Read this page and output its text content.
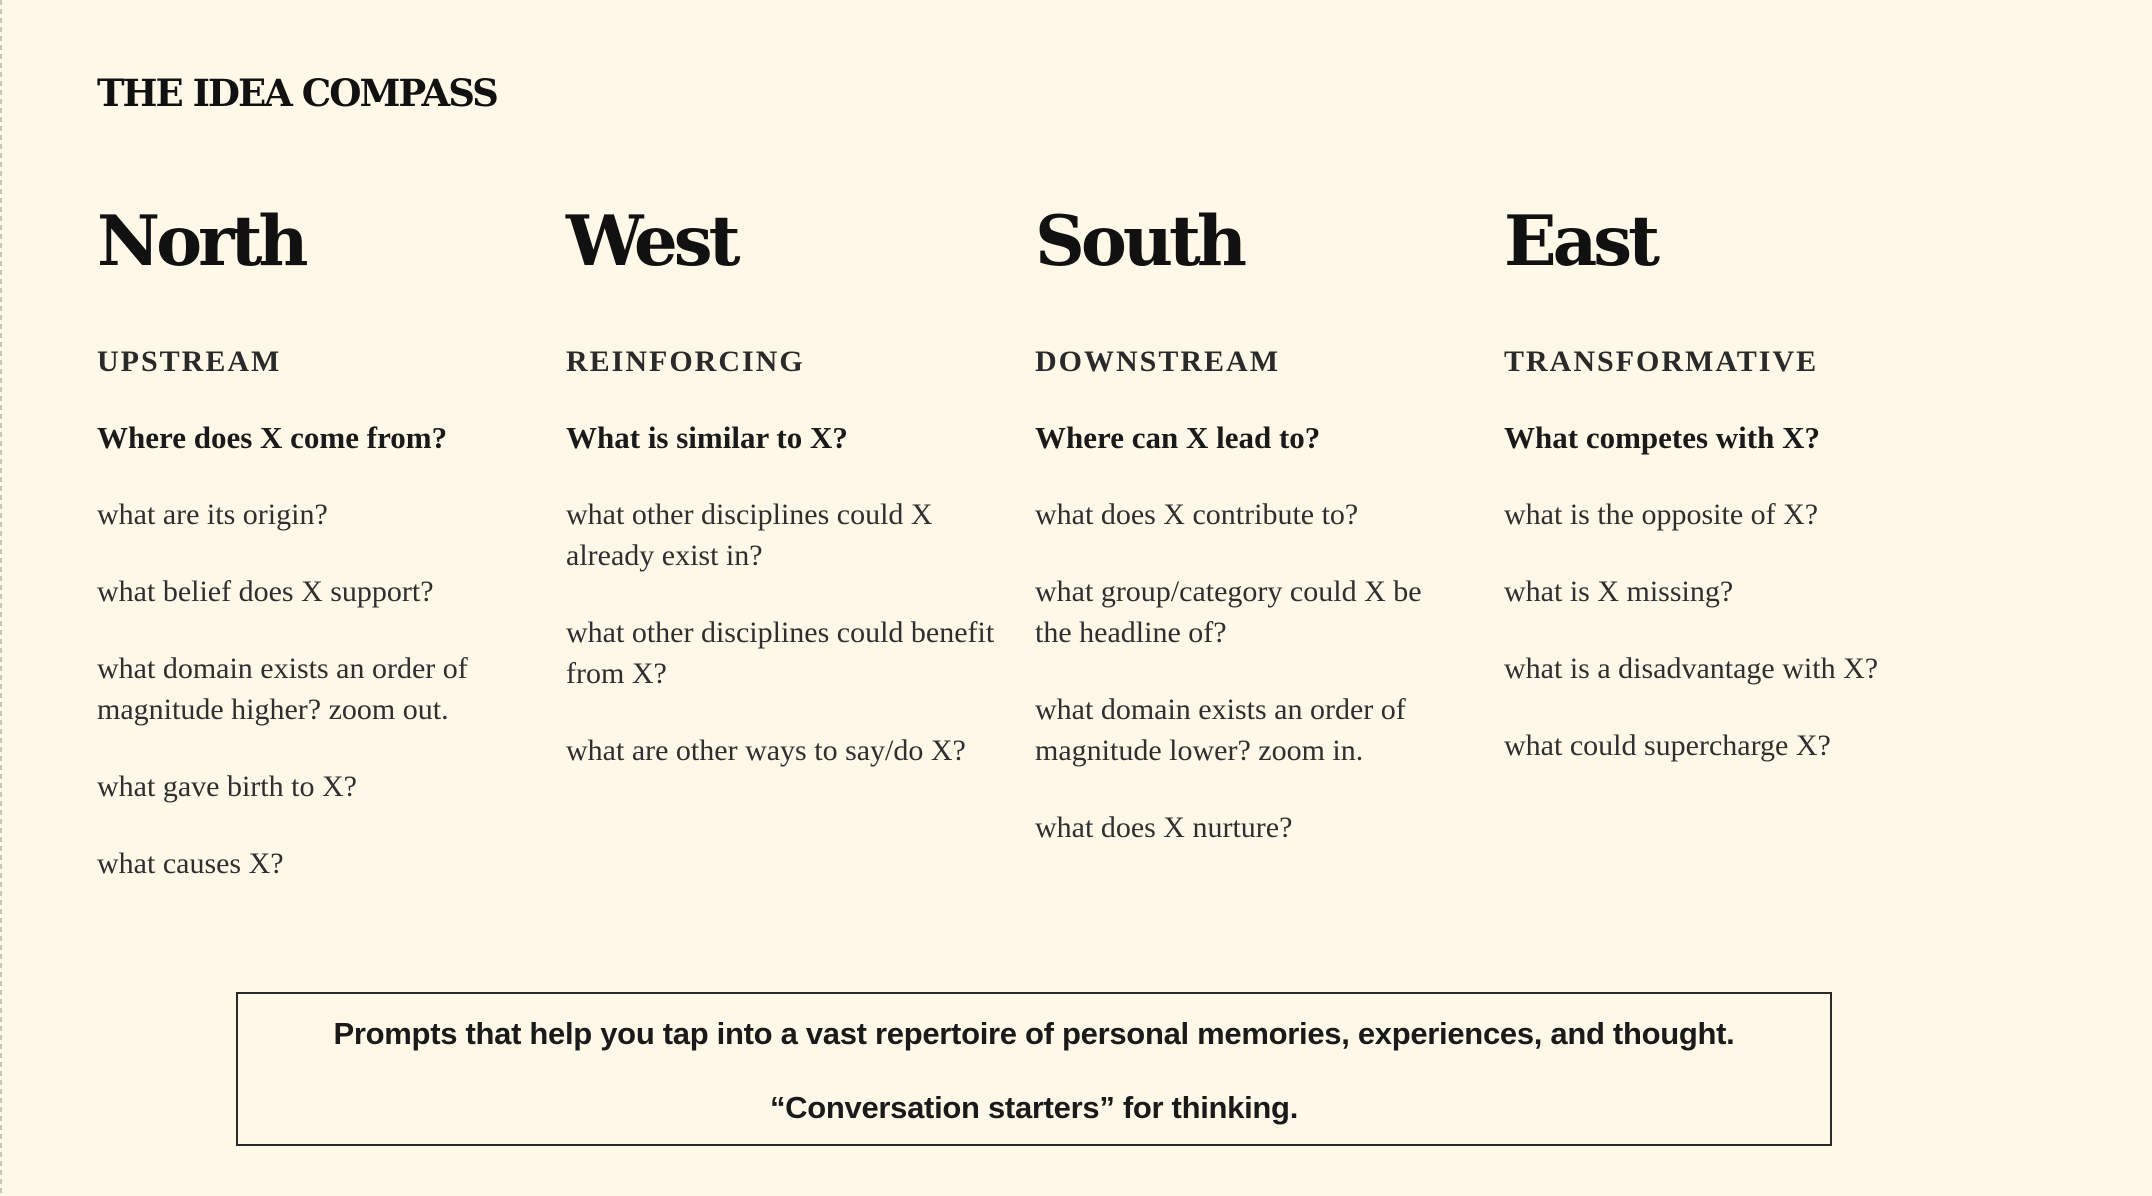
THE IDEA COMPASS
North
UPSTREAM
Where does X come from?
what are its origin?
what belief does X support?
what domain exists an order of magnitude higher? zoom out.
what gave birth to X?
what causes X?
West
REINFORCING
What is similar to X?
what other disciplines could X already exist in?
what other disciplines could benefit from X?
what are other ways to say/do X?
South
DOWNSTREAM
Where can X lead to?
what does X contribute to?
what group/category could X be the headline of?
what domain exists an order of magnitude lower? zoom in.
what does X nurture?
East
TRANSFORMATIVE
What competes with X?
what is the opposite of X?
what is X missing?
what is a disadvantage with X?
what could supercharge X?

Prompts that help you tap into a vast repertoire of personal memories, experiences, and thought.

“Conversation starters” for thinking.
